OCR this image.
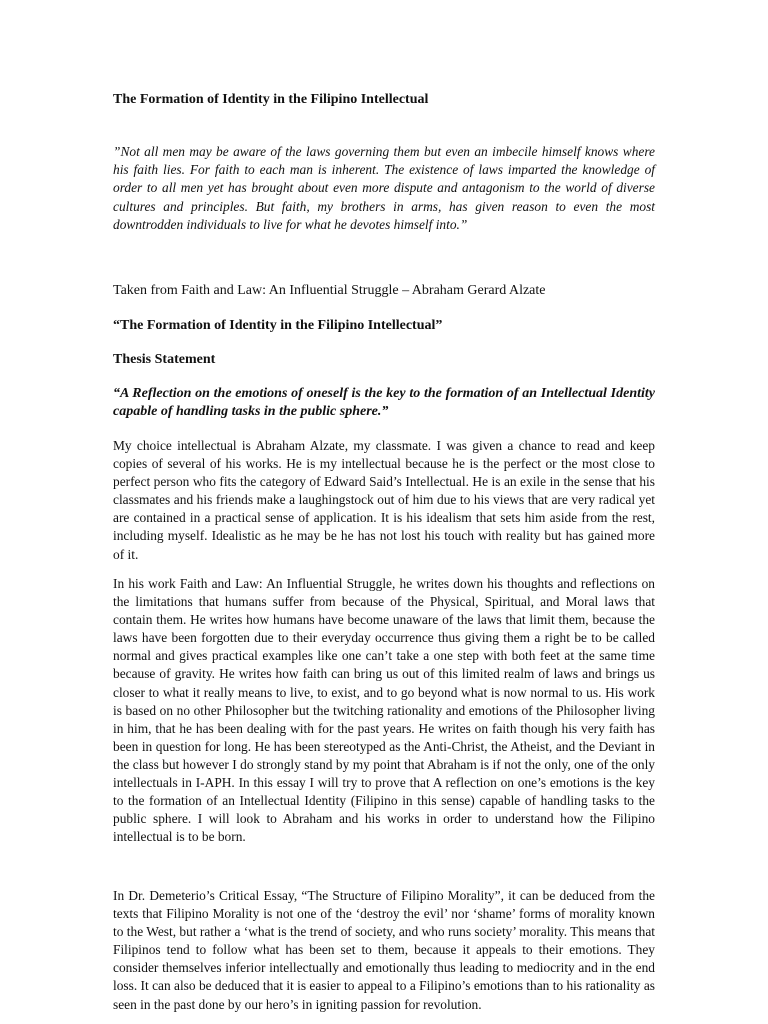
The Formation of Identity in the Filipino Intellectual

”Not all men may be aware of the laws governing them but even an imbecile himself knows where his faith lies. For faith to each man is inherent. The existence of laws imparted the knowledge of order to all men yet has brought about even more dispute and antagonism to the world of diverse cultures and principles. But faith, my brothers in arms, has given reason to even the most downtrodden individuals to live for what he devotes himself into.”

Taken from Faith and Law: An Influential Struggle – Abraham Gerard Alzate

“The Formation of Identity in the Filipino Intellectual”

Thesis Statement

“A Reflection on the emotions of oneself is the key to the formation of an Intellectual Identity capable of handling tasks in the public sphere.”

My choice intellectual is Abraham Alzate, my classmate. I was given a chance to read and keep copies of several of his works. He is my intellectual because he is the perfect or the most close to perfect person who fits the category of Edward Said’s Intellectual. He is an exile in the sense that his classmates and his friends make a laughingstock out of him due to his views that are very radical yet are contained in a practical sense of application. It is his idealism that sets him aside from the rest, including myself. Idealistic as he may be he has not lost his touch with reality but has gained more of it.

In his work Faith and Law: An Influential Struggle, he writes down his thoughts and reflections on the limitations that humans suffer from because of the Physical, Spiritual, and Moral laws that contain them. He writes how humans have become unaware of the laws that limit them, because the laws have been forgotten due to their everyday occurrence thus giving them a right be to be called normal and gives practical examples like one can’t take a one step with both feet at the same time because of gravity. He writes how faith can bring us out of this limited realm of laws and brings us closer to what it really means to live, to exist, and to go beyond what is now normal to us. His work is based on no other Philosopher but the twitching rationality and emotions of the Philosopher living in him, that he has been dealing with for the past years. He writes on faith though his very faith has been in question for long. He has been stereotyped as the Anti-Christ, the Atheist, and the Deviant in the class but however I do strongly stand by my point that Abraham is if not the only, one of the only intellectuals in I-APH. In this essay I will try to prove that A reflection on one’s emotions is the key to the formation of an Intellectual Identity (Filipino in this sense) capable of handling tasks to the public sphere. I will look to Abraham and his works in order to understand how the Filipino intellectual is to be born.

In Dr. Demeterio’s Critical Essay, “The Structure of Filipino Morality”, it can be deduced from the texts that Filipino Morality is not one of the ‘destroy the evil’ nor ‘shame’ forms of morality known to the West, but rather a ‘what is the trend of society, and who runs society’ morality. This means that Filipinos tend to follow what has been set to them, because it appeals to their emotions. They consider themselves inferior intellectually and emotionally thus leading to mediocrity and in the end loss. It can also be deduced that it is easier to appeal to a Filipino’s emotions than to his rationality as seen in the past done by our hero’s in igniting passion for revolution.
